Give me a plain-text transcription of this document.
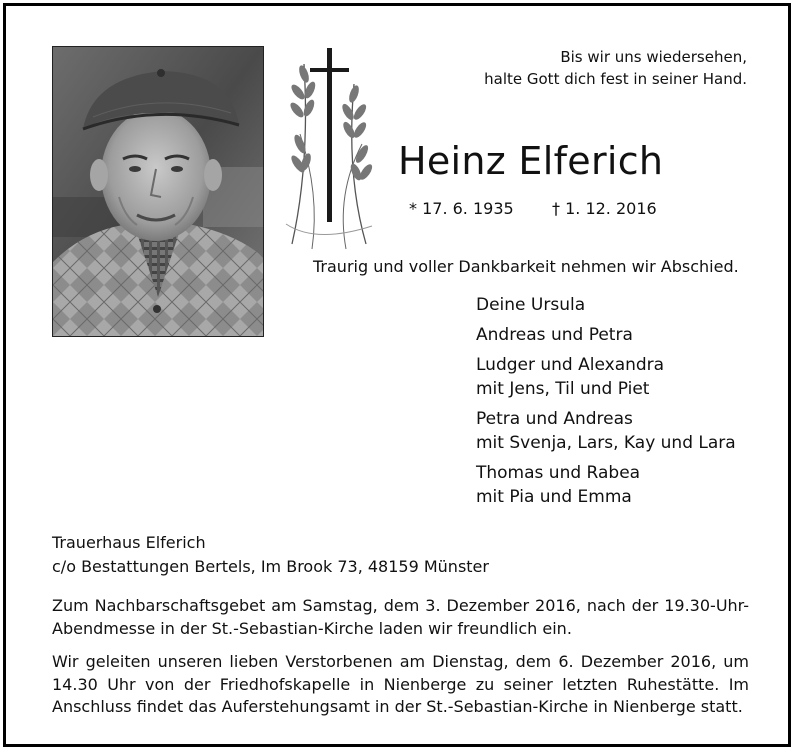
Bis wir uns wiedersehen,
halte Gott dich fest in seiner Hand.
Heinz Elferich
* 17. 6. 1935 † 1. 12. 2016
Traurig und voller Dankbarkeit nehmen wir Abschied.
Deine Ursula
Andreas und Petra
Ludger und Alexandra
mit Jens, Til und Piet
Petra und Andreas
mit Svenja, Lars, Kay und Lara
Thomas und Rabea
mit Pia und Emma
Trauerhaus Elferich
c/o Bestattungen Bertels, Im Brook 73, 48159 Münster
Zum Nachbarschaftsgebet am Samstag, dem 3. Dezember 2016, nach der 19.30-Uhr-Abendmesse in der St.-Sebastian-Kirche laden wir freundlich ein.
Wir geleiten unseren lieben Verstorbenen am Dienstag, dem 6. Dezember 2016, um 14.30 Uhr von der Friedhofskapelle in Nienberge zu seiner letzten Ruhestätte. Im Anschluss findet das Auferstehungsamt in der St.-Sebastian-Kirche in Nienberge statt.
